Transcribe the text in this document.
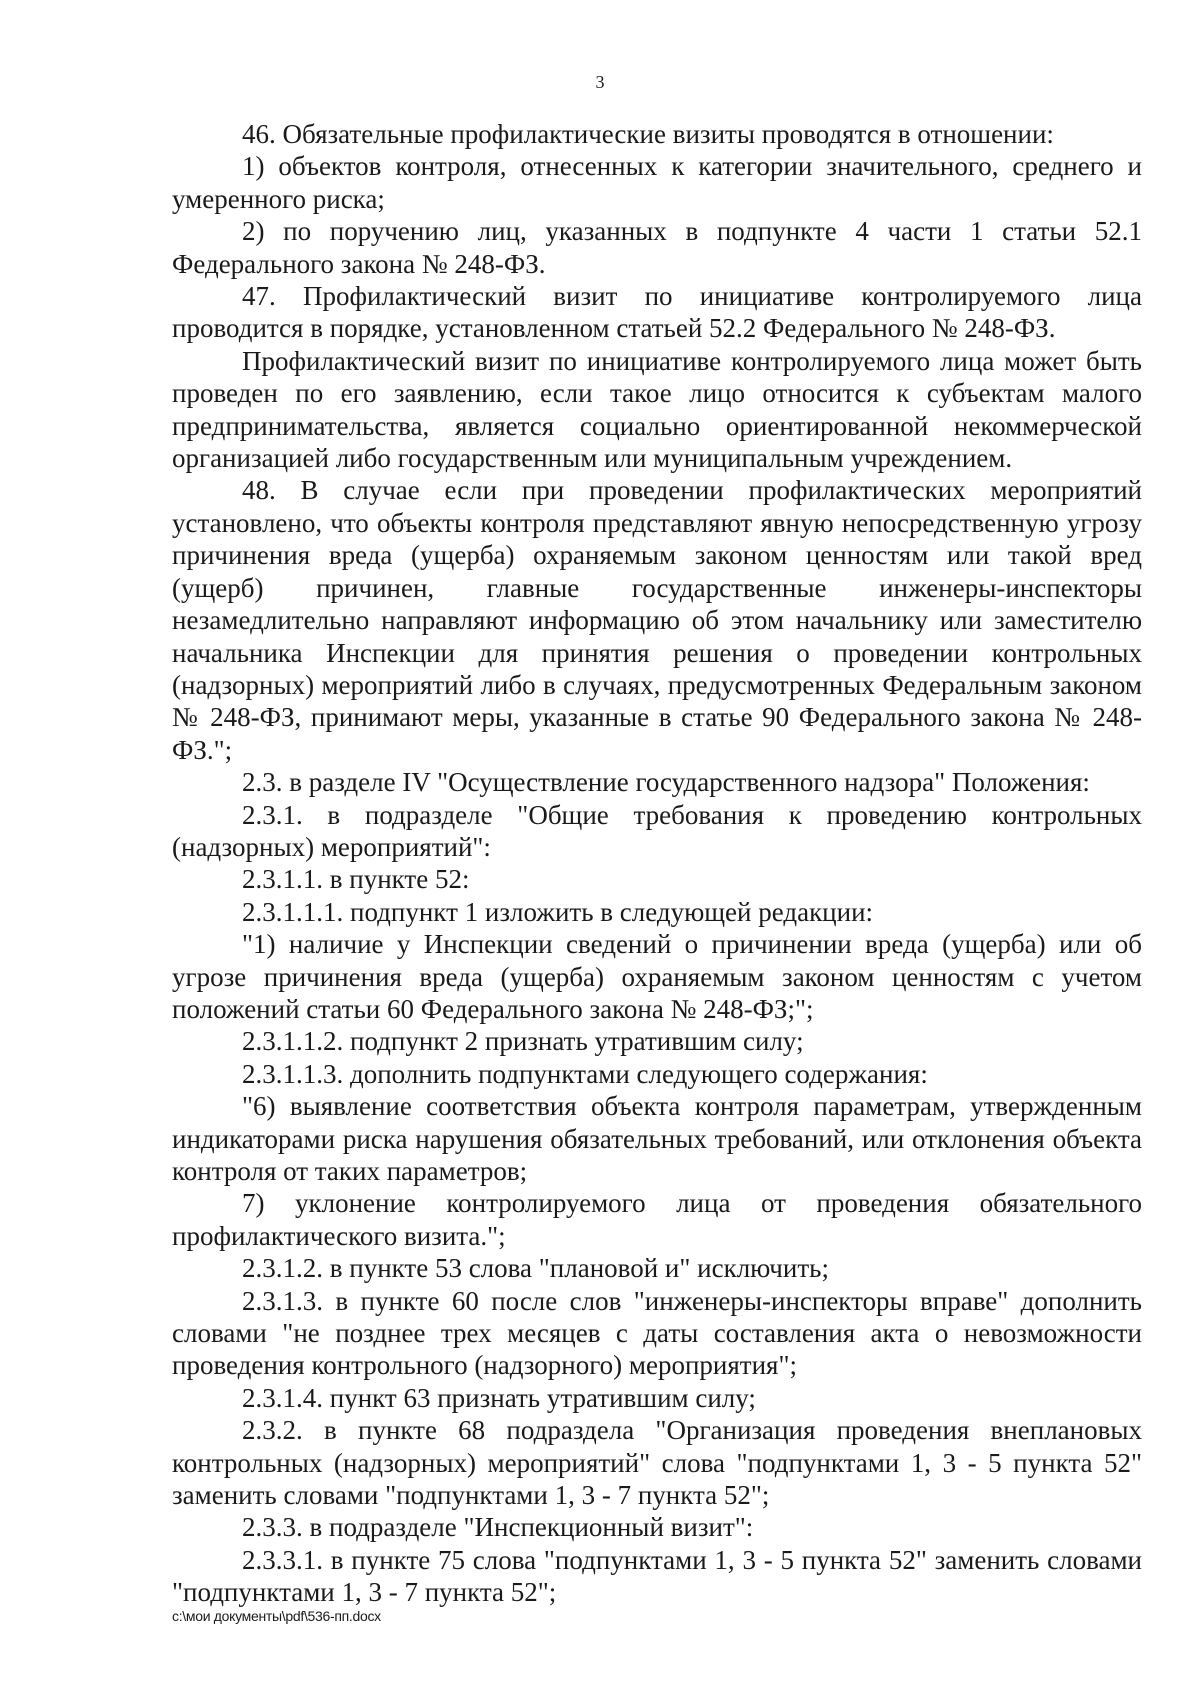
3

46. Обязательные профилактические визиты проводятся в отношении:

1) объектов контроля, отнесенных к категории значительного, среднего и умеренного риска;

2) по поручению лиц, указанных в подпункте 4 части 1 статьи 52.1 Федерального закона № 248-ФЗ.

47. Профилактический визит по инициативе контролируемого лица проводится в порядке, установленном статьей 52.2 Федерального № 248-ФЗ.

Профилактический визит по инициативе контролируемого лица может быть проведен по его заявлению, если такое лицо относится к субъектам малого предпринимательства, является социально ориентированной некоммерческой организацией либо государственным или муниципальным учреждением.

48. В случае если при проведении профилактических мероприятий установлено, что объекты контроля представляют явную непосредственную угрозу причинения вреда (ущерба) охраняемым законом ценностям или такой вред (ущерб) причинен, главные государственные инженеры-инспекторы незамедлительно направляют информацию об этом начальнику или заместителю начальника Инспекции для принятия решения о проведении контрольных (надзорных) мероприятий либо в случаях, предусмотренных Федеральным законом № 248-ФЗ, принимают меры, указанные в статье 90 Федерального закона № 248-ФЗ.";

2.3. в разделе IV "Осуществление государственного надзора" Положения:

2.3.1. в подразделе "Общие требования к проведению контрольных (надзорных) мероприятий":

2.3.1.1. в пункте 52:

2.3.1.1.1. подпункт 1 изложить в следующей редакции:

"1) наличие у Инспекции сведений о причинении вреда (ущерба) или об угрозе причинения вреда (ущерба) охраняемым законом ценностям с учетом положений статьи 60 Федерального закона № 248-ФЗ;";

2.3.1.1.2. подпункт 2 признать утратившим силу;

2.3.1.1.3. дополнить подпунктами следующего содержания:

"6) выявление соответствия объекта контроля параметрам, утвержденным индикаторами риска нарушения обязательных требований, или отклонения объекта контроля от таких параметров;

7) уклонение контролируемого лица от проведения обязательного профилактического визита.";

2.3.1.2. в пункте 53 слова "плановой и" исключить;

2.3.1.3. в пункте 60 после слов "инженеры-инспекторы вправе" дополнить словами "не позднее трех месяцев с даты составления акта о невозможности проведения контрольного (надзорного) мероприятия";

2.3.1.4. пункт 63 признать утратившим силу;

2.3.2. в пункте 68 подраздела "Организация проведения внеплановых контрольных (надзорных) мероприятий" слова "подпунктами 1, 3 - 5 пункта 52" заменить словами "подпунктами 1, 3 - 7 пункта 52";

2.3.3. в подразделе "Инспекционный визит":

2.3.3.1. в пункте 75 слова "подпунктами 1, 3 - 5 пункта 52" заменить словами "подпунктами 1, 3 - 7 пункта 52";

c:\мои документы\pdf\536-пп.docx
